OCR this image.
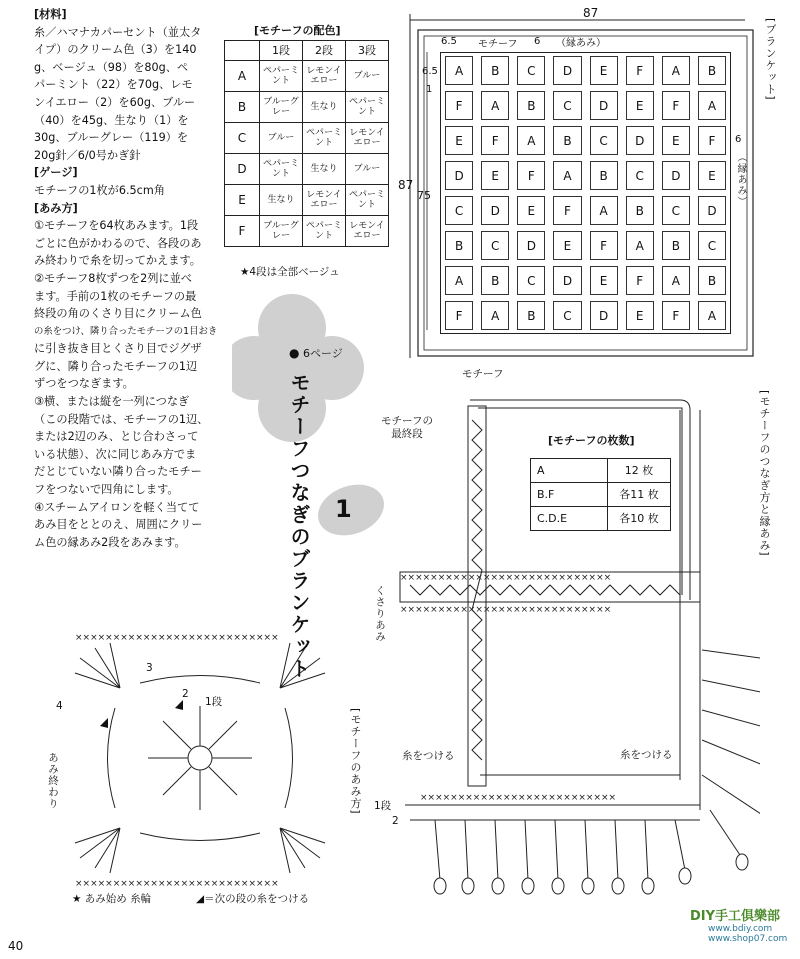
[材料]

糸／ハマナカパーセント（並太タ

イプ）のクリーム色（3）を140

g、ベージュ（98）を80g、ペ

パーミント（22）を70g、レモ

ンイエロー（2）を60g、ブルー

（40）を45g、生なり（1）を

30g、ブルーグレー（119）を

20g針／6/0号かぎ針

[ゲージ]

モチーフの1枚が6.5cm角

[あみ方]

①モチーフを64枚あみます。1段

ごとに色がかわるので、各段のあ

み終わりで糸を切ってかえます。

②モチーフ8枚ずつを2列に並べ

ます。手前の1枚のモチーフの最

終段の角のくさり目にクリーム色

の糸をつけ、隣り合ったモチーフの1目おき

に引き抜き目とくさり目でジグザ

グに、隣り合ったモチーフの1辺

ずつをつなぎます。

③横、または縦を一列につなぎ

（この段階では、モチーフの1辺、

または2辺のみ、とじ合わさって

いる状態）、次に同じあみ方でま

だとじていない隣り合ったモチー

フをつないで四角にします。

④スチームアイロンを軽く当てて

あみ目をととのえ、周囲にクリー

ム色の縁あみ2段をあみます。

[モチーフの配色]
	1段	2段	3段
A	ペパーミント	レモンイエロー	ブルー
B	ブルーグレー	生なり	ペパーミント
C	ブルー	ペパーミント	レモンイエロー
D	ペパーミント	生なり	ブルー
E	生なり	レモンイエロー	ペパーミント
F	ブルーグレー	ペパーミント	レモンイエロー
★4段は全部ベージュ
87
87
75
6.5 モチーフ 6 （縁あみ）
6.5
1
6
（縁あみ）
[ブランケット]
A	B	C	D	E	F	A	B
F	A	B	C	D	E	F	A
E	F	A	B	C	D	E	F
D	E	F	A	B	C	D	E
C	D	E	F	A	B	C	D
B	C	D	E	F	A	B	C
A	B	C	D	E	F	A	B
F	A	B	C	D	E	F	A
● 6ページ
モチーフつなぎのブランケット 1
××××××××××××××××××××××××××××
××××××××××××××××××××××××××××
××××××××××××××××××××××××××
モチーフ
モチーフの最終段
くさりあみ
糸をつける	糸をつける
1段
2
[モチーフのつなぎ方と縁あみ]
[モチーフの枚数]
A	12 枚
B.F	各11 枚
C.D.E	各10 枚
×××××××××××××××××××××××××××
×××××××××××××××××××××××××××
3
2
1段
4
あみ終わり	[モチーフのあみ方]
★ あみ始め 糸輪	◢＝次の段の糸をつける
40
DIY手工俱樂部
www.bdiy.com www.shop07.com
